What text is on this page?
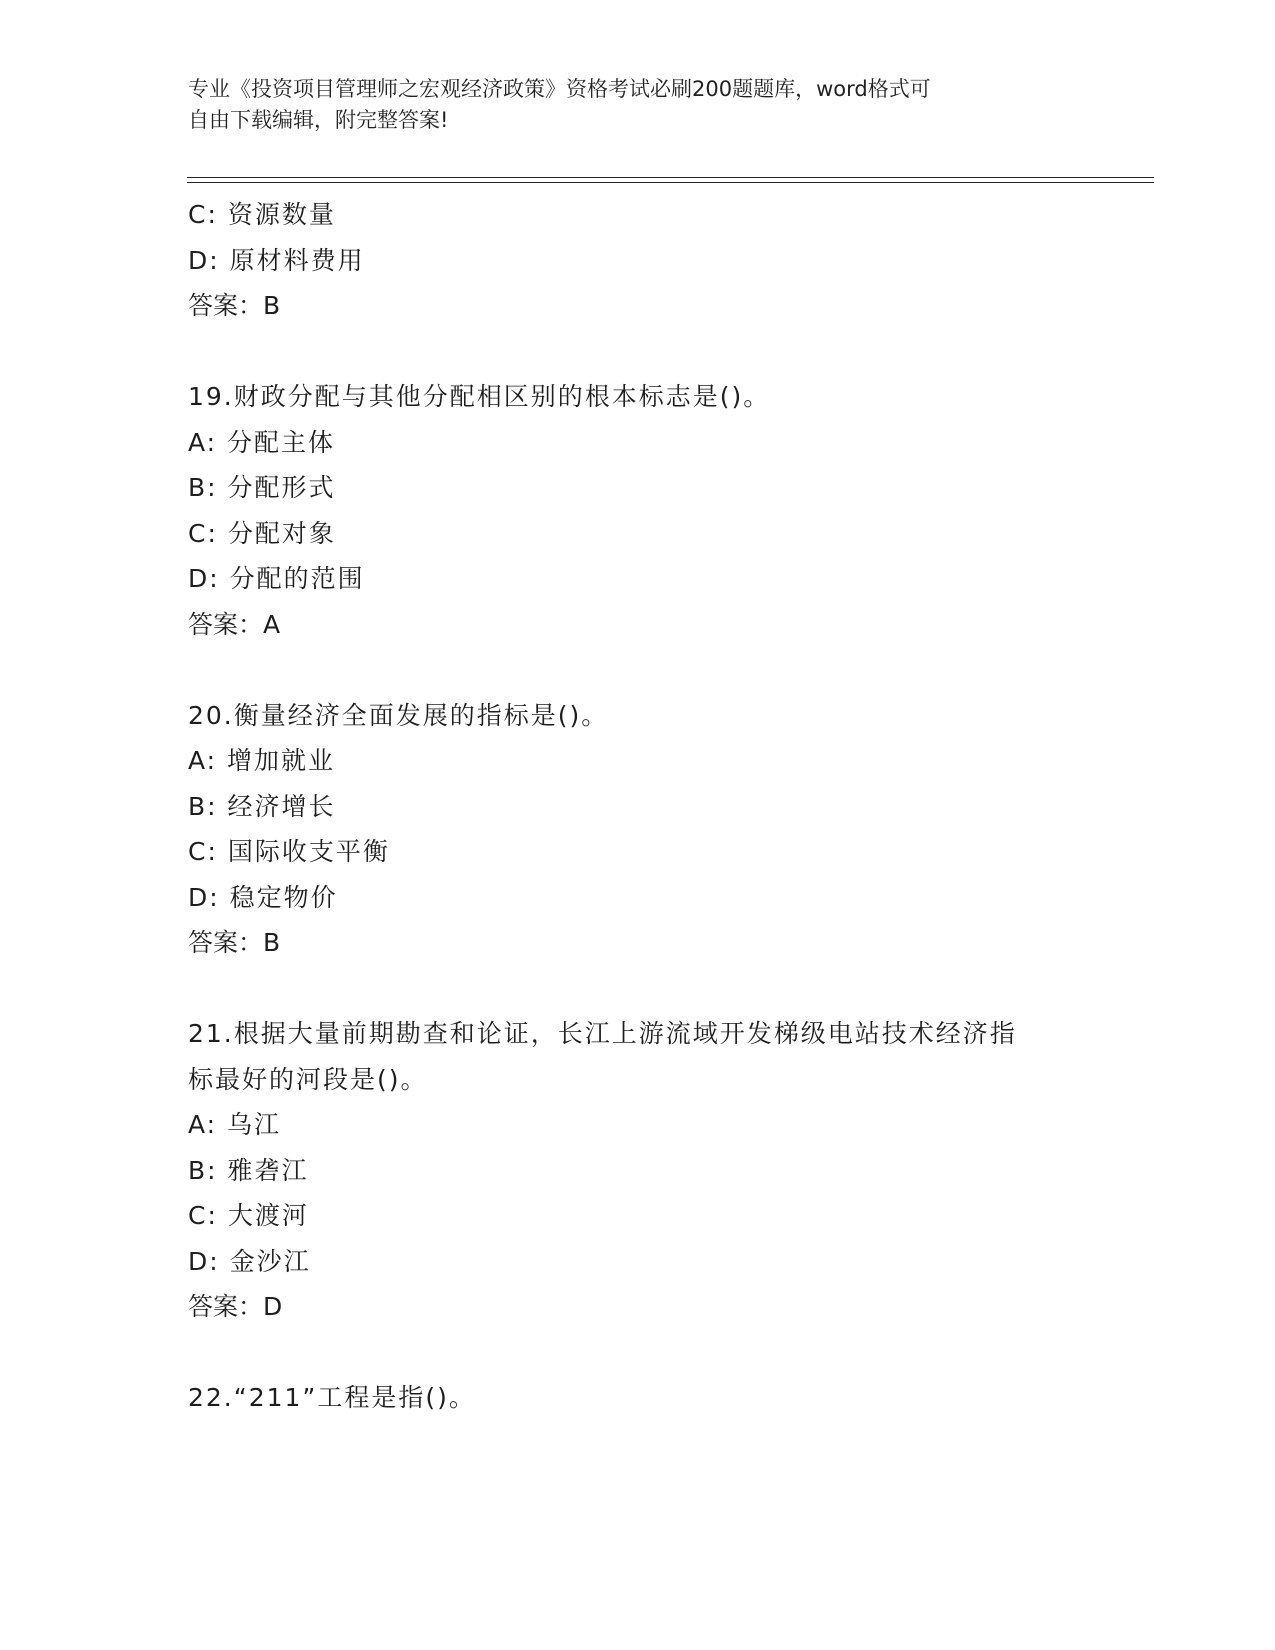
专业《投资项目管理师之宏观经济政策》资格考试必刷200题题库，word格式可
自由下载编辑，附完整答案!
C: 资源数量
D: 原材料费用
答案：B
19.财政分配与其他分配相区别的根本标志是()。
A: 分配主体
B: 分配形式
C: 分配对象
D: 分配的范围
答案：A
20.衡量经济全面发展的指标是()。
A: 增加就业
B: 经济增长
C: 国际收支平衡
D: 稳定物价
答案：B
21.根据大量前期勘查和论证，长江上游流域开发梯级电站技术经济指
标最好的河段是()。
A: 乌江
B: 雅砻江
C: 大渡河
D: 金沙江
答案：D
22.“211”工程是指()。
